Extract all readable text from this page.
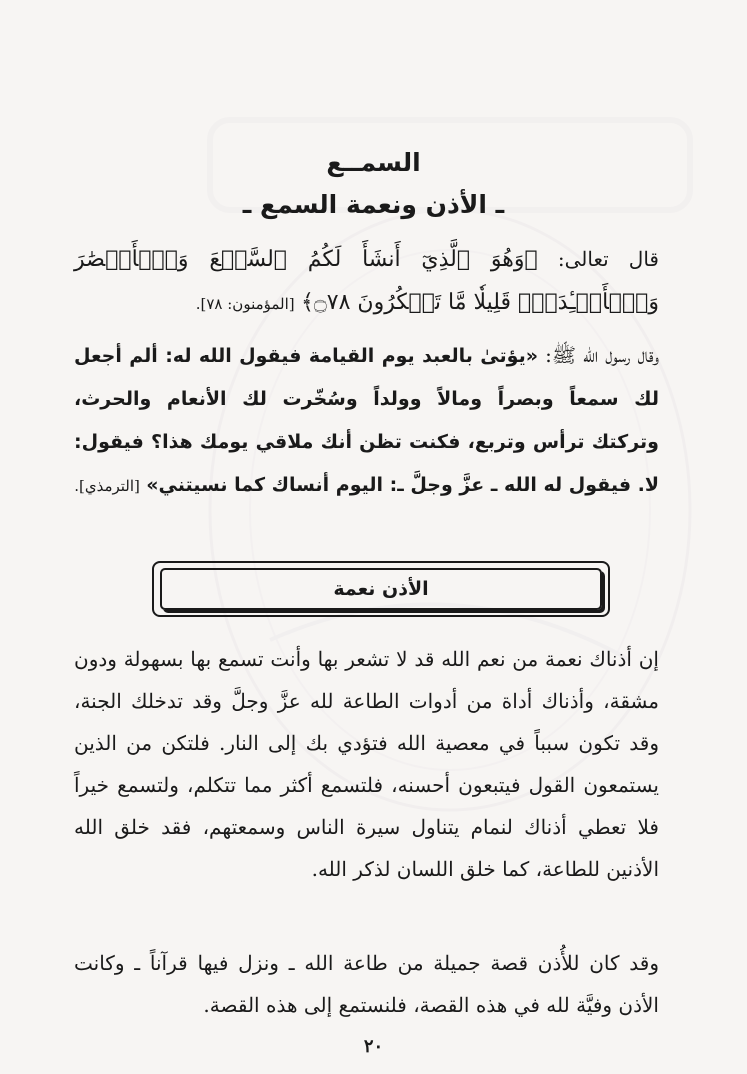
السمــع
ـ الأذن ونعمة السمع ـ
قال تعالى: ﴿وَهُوَ ٱلَّذِيٓ أَنشَأَ لَكُمُ ٱلسَّمۡعَ وَٱلۡأَبۡصَٰرَ وَٱلۡأَفۡـِٔدَةَۚ قَلِيلٗا مَّا تَشۡكُرُونَ ۝٧٨﴾ [المؤمنون: ٧٨].
وقال رسول الله ﷺ: «يؤتىٰ بالعبد يوم القيامة فيقول الله له: ألم أجعل لك سمعاً وبصراً ومالاً وولداً وسُخّرت لك الأنعام والحرث، وتركتك ترأس وتربع، فكنت تظن أنك ملاقي يومك هذا؟ فيقول: لا. فيقول له الله ـ عزَّ وجلَّ ـ: اليوم أنساك كما نسيتني» [الترمذي].
الأذن نعمة
إن أذناك نعمة من نعم الله قد لا تشعر بها وأنت تسمع بها بسهولة ودون مشقة، وأذناك أداة من أدوات الطاعة لله عزَّ وجلَّ وقد تدخلك الجنة، وقد تكون سبباً في معصية الله فتؤدي بك إلى النار. فلتكن من الذين يستمعون القول فيتبعون أحسنه، فلتسمع أكثر مما تتكلم، ولتسمع خيراً فلا تعطي أذناك لنمام يتناول سيرة الناس وسمعتهم، فقد خلق الله الأذنين للطاعة، كما خلق اللسان لذكر الله.
وقد كان للأُذن قصة جميلة من طاعة الله ـ ونزل فيها قرآناً ـ وكانت الأذن وفيَّة لله في هذه القصة، فلنستمع إلى هذه القصة.
٢٠
